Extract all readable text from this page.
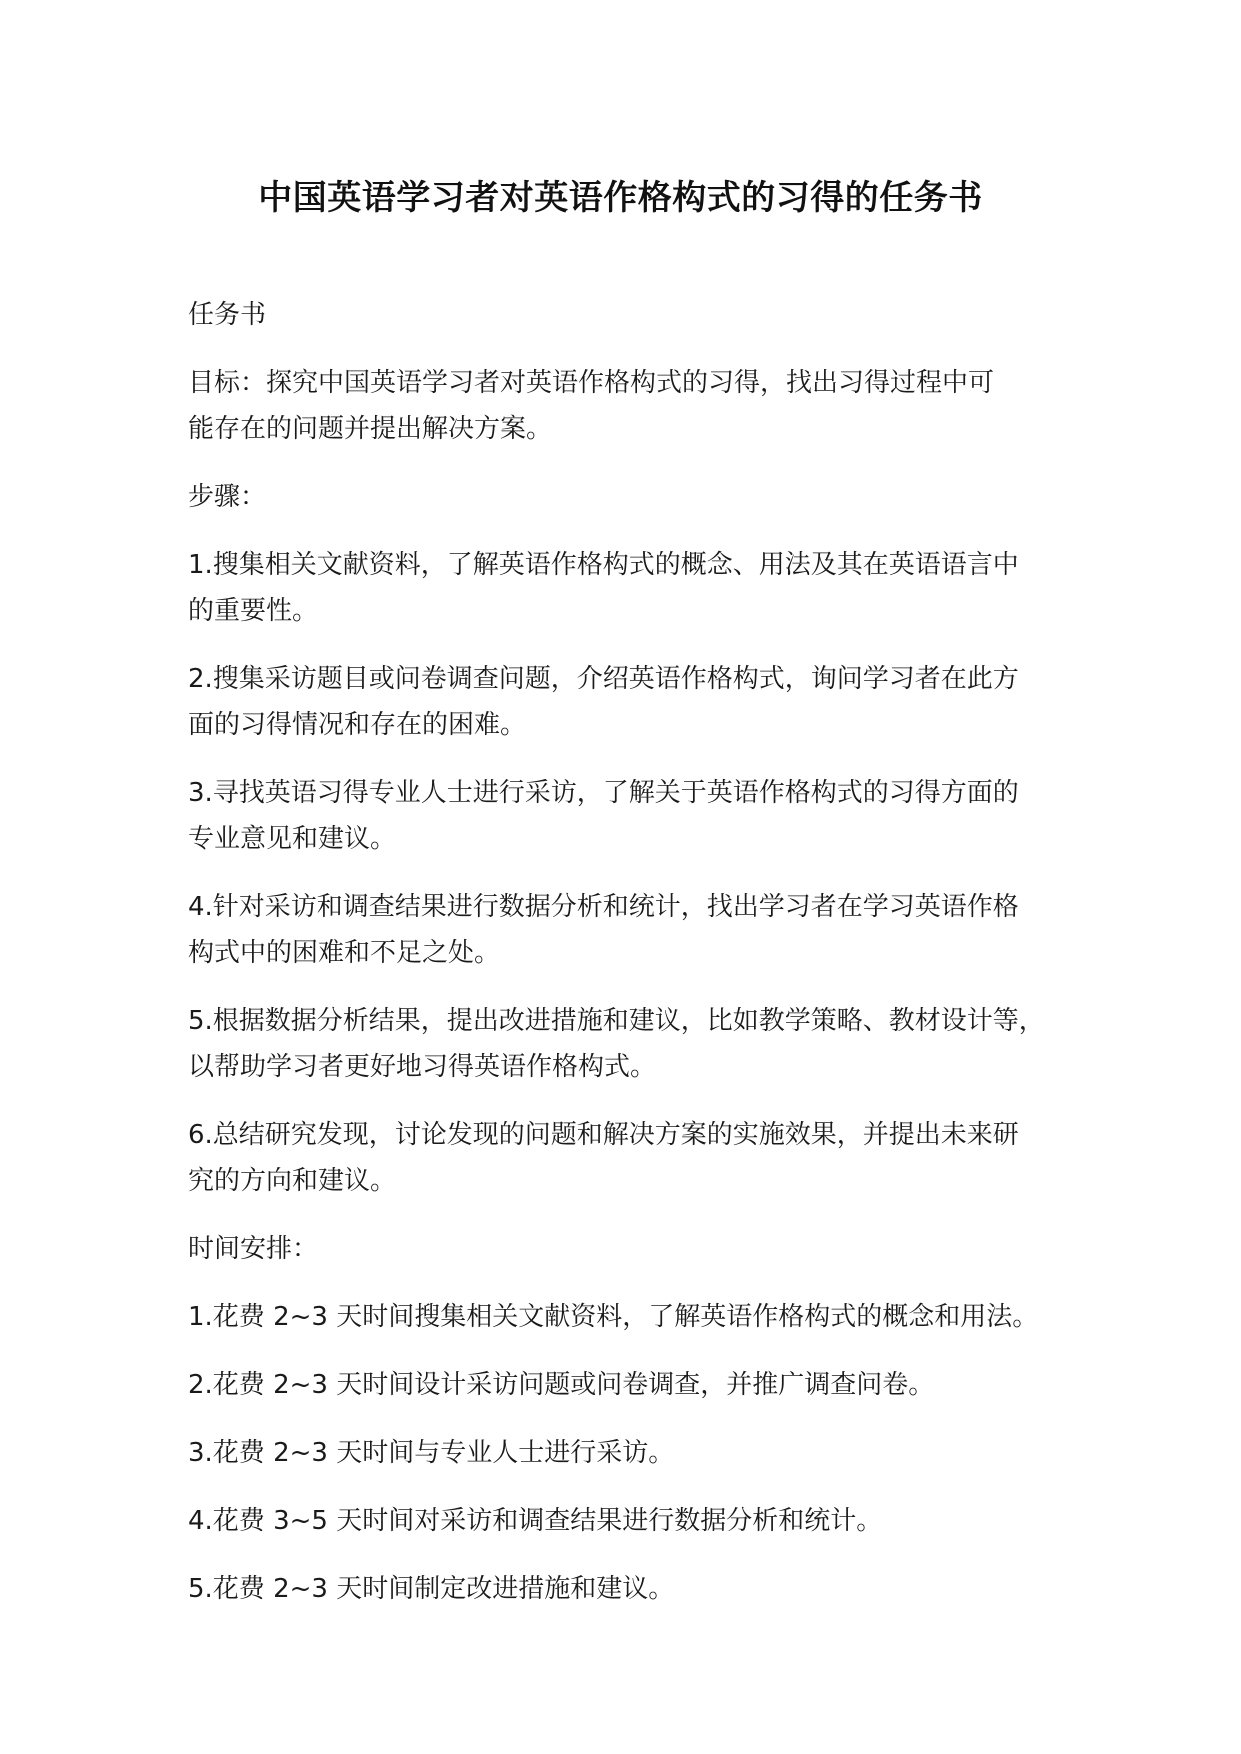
中国英语学习者对英语作格构式的习得的任务书

任务书

目标：探究中国英语学习者对英语作格构式的习得，找出习得过程中可
能存在的问题并提出解决方案。

步骤：

1.搜集相关文献资料，了解英语作格构式的概念、用法及其在英语语言中
的重要性。

2.搜集采访题目或问卷调查问题，介绍英语作格构式，询问学习者在此方
面的习得情况和存在的困难。

3.寻找英语习得专业人士进行采访，了解关于英语作格构式的习得方面的
专业意见和建议。

4.针对采访和调查结果进行数据分析和统计，找出学习者在学习英语作格
构式中的困难和不足之处。

5.根据数据分析结果，提出改进措施和建议，比如教学策略、教材设计等，
以帮助学习者更好地习得英语作格构式。

6.总结研究发现，讨论发现的问题和解决方案的实施效果，并提出未来研
究的方向和建议。

时间安排：

1.花费 2~3 天时间搜集相关文献资料，了解英语作格构式的概念和用法。

2.花费 2~3 天时间设计采访问题或问卷调查，并推广调查问卷。

3.花费 2~3 天时间与专业人士进行采访。

4.花费 3~5 天时间对采访和调查结果进行数据分析和统计。

5.花费 2~3 天时间制定改进措施和建议。
